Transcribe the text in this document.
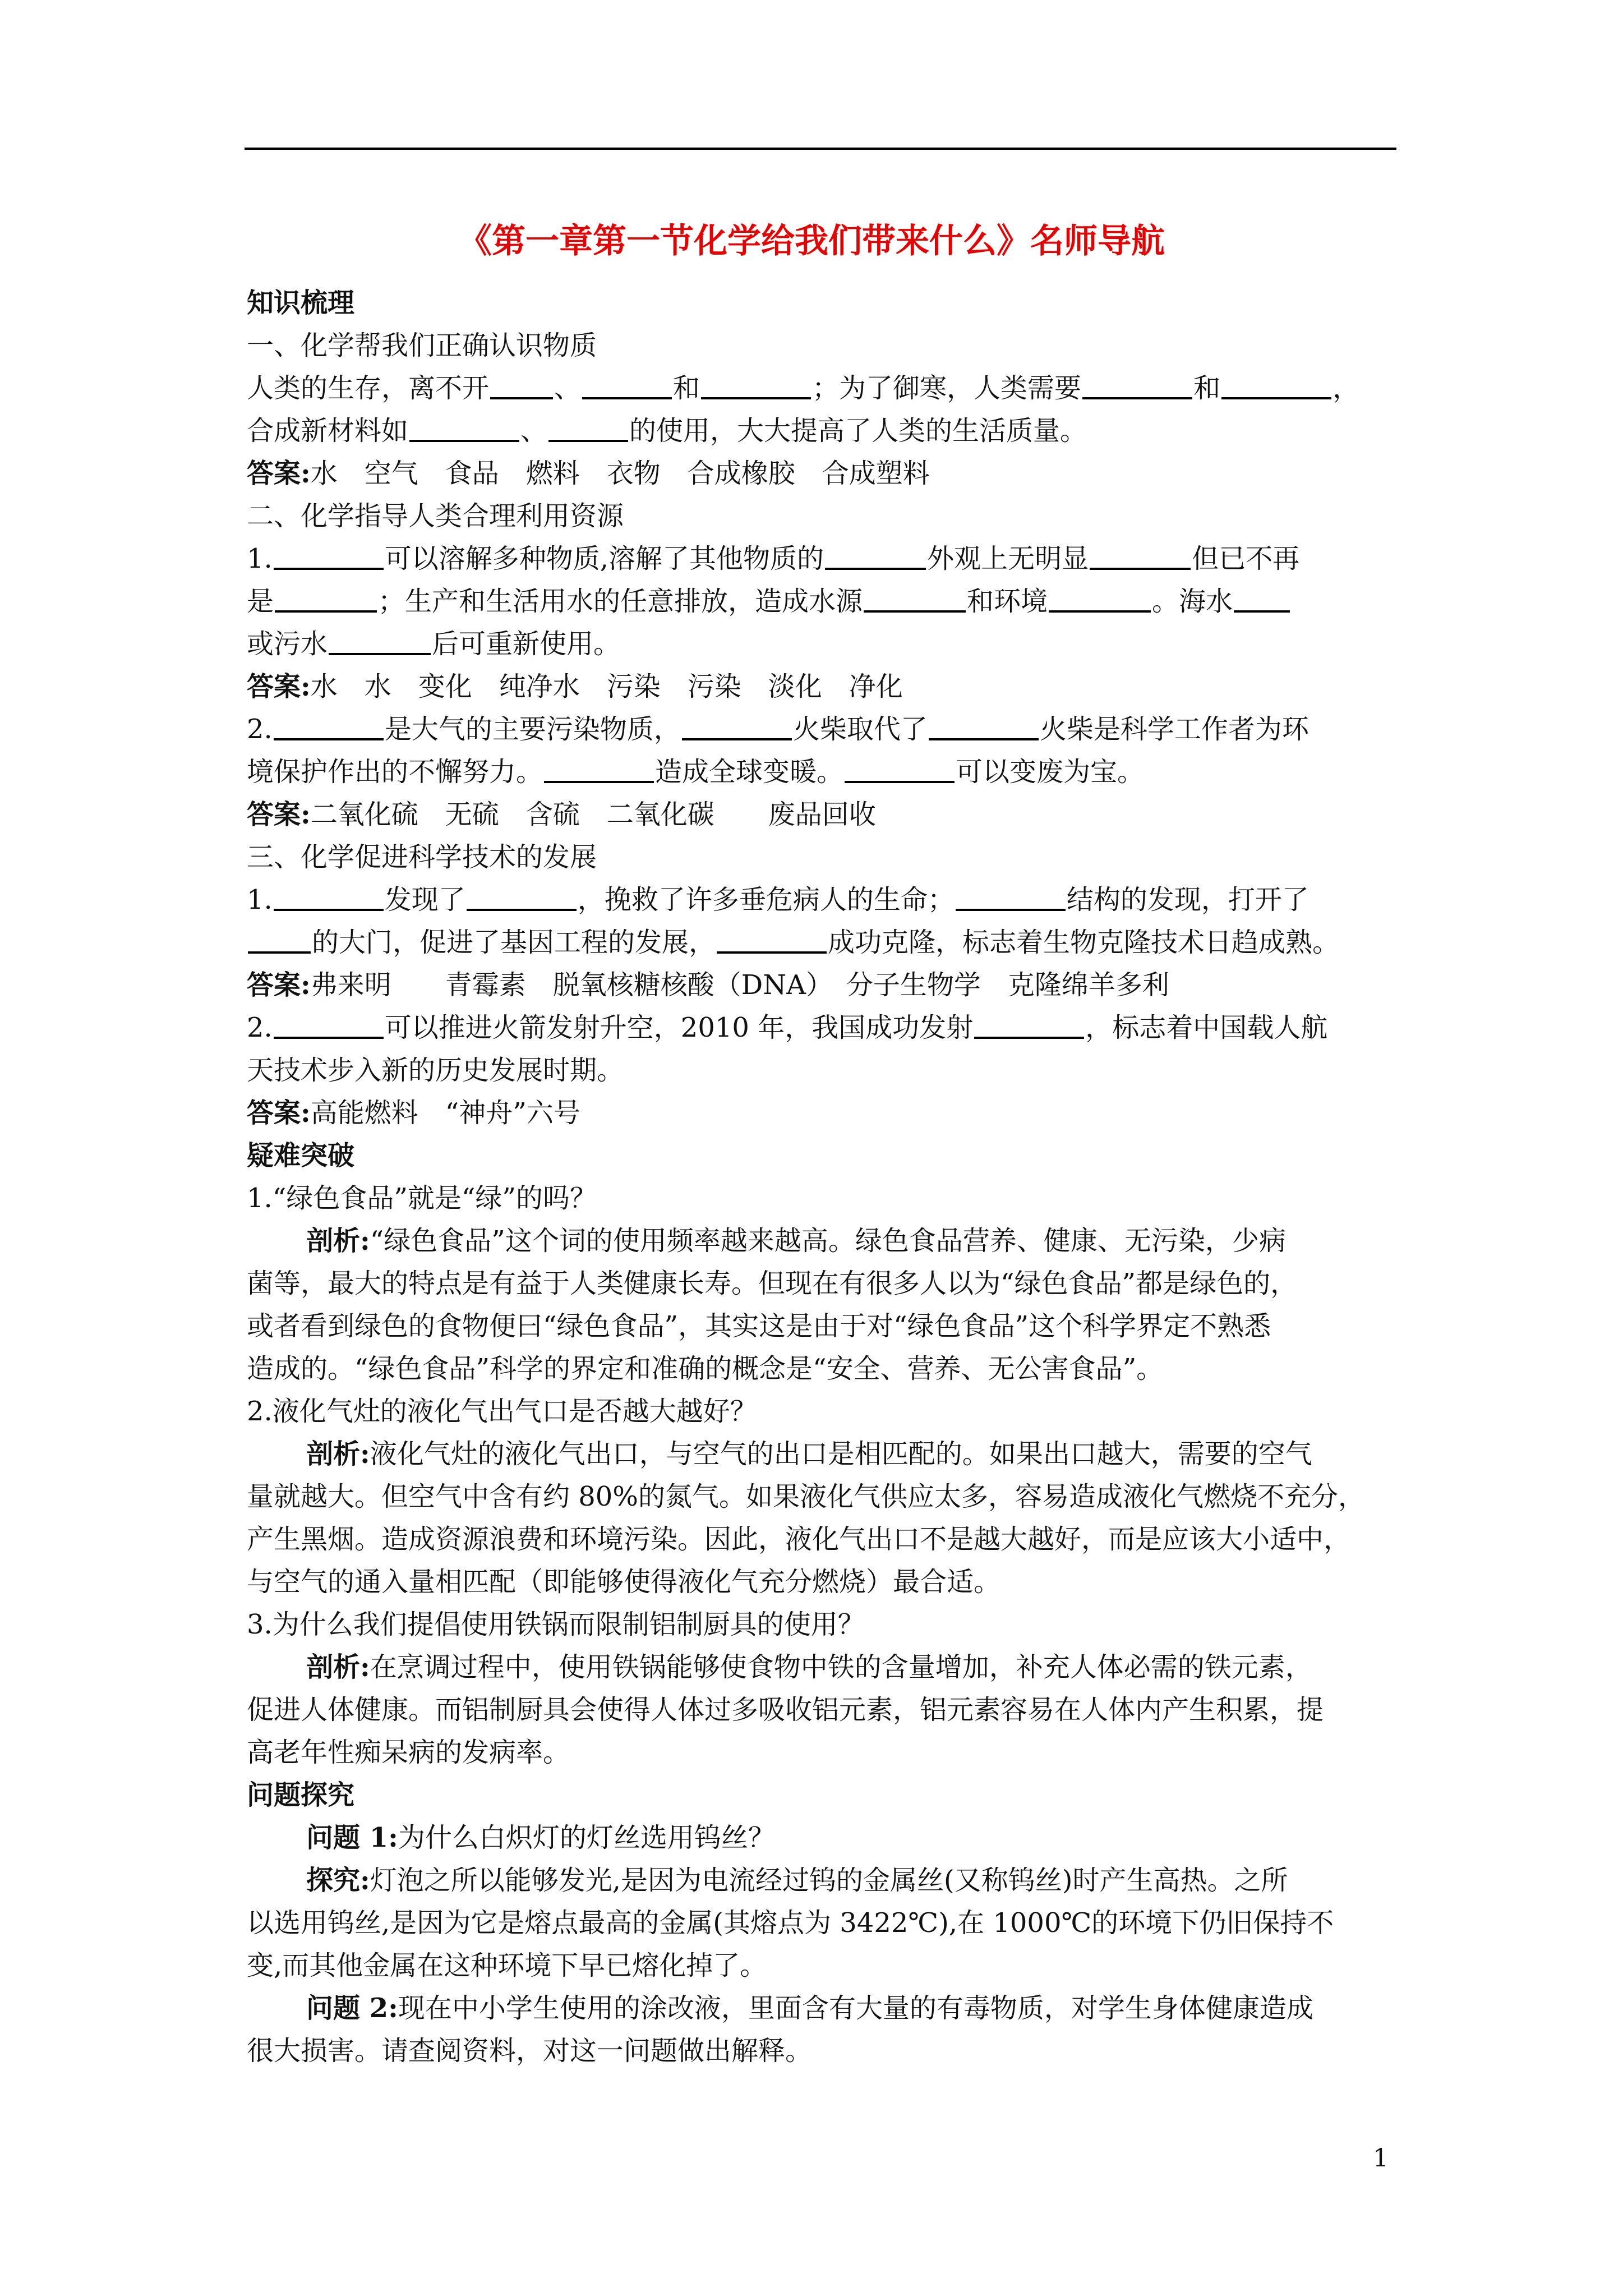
《第一章第一节化学给我们带来什么》名师导航
知识梳理
一、化学帮我们正确认识物质
人类的生存，离不开 、	和	；为了御寒，人类需要	和	，
合成新材料如	、	的使用，大大提高了人类的生活质量。
答案:水　空气　食品　燃料　衣物　合成橡胶　合成塑料
二、化学指导人类合理利用资源
1.	可以溶解多种物质,溶解了其他物质的	外观上无明显	但已不再
是	；生产和生活用水的任意排放，造成水源	和环境	。海水
或污水	后可重新使用。
答案:水　水　变化　纯净水　污染　污染　淡化　净化
2.	是大气的主要污染物质，	火柴取代了	火柴是科学工作者为环
境保护作出的不懈努力。	造成全球变暖。	可以变废为宝。
答案:二氧化硫　无硫　含硫　二氧化碳　　废品回收
三、化学促进科学技术的发展
1.	发现了	，挽救了许多垂危病人的生命；	结构的发现，打开了
的大门，促进了基因工程的发展，	成功克隆，标志着生物克隆技术日趋成熟。
答案:弗来明　　青霉素　脱氧核糖核酸（DNA）　分子生物学　克隆绵羊多利
2.	可以推进火箭发射升空，2010 年，我国成功发射	，标志着中国载人航
天技术步入新的历史发展时期。
答案:高能燃料　“神舟”六号
疑难突破
1.“绿色食品”就是“绿”的吗？
剖析:“绿色食品”这个词的使用频率越来越高。绿色食品营养、健康、无污染，少病
菌等，最大的特点是有益于人类健康长寿。但现在有很多人以为“绿色食品”都是绿色的，
或者看到绿色的食物便曰“绿色食品”，其实这是由于对“绿色食品”这个科学界定不熟悉
造成的。“绿色食品”科学的界定和准确的概念是“安全、营养、无公害食品”。
2.液化气灶的液化气出气口是否越大越好？
剖析:液化气灶的液化气出口，与空气的出口是相匹配的。如果出口越大，需要的空气
量就越大。但空气中含有约 80%的氮气。如果液化气供应太多，容易造成液化气燃烧不充分，
产生黑烟。造成资源浪费和环境污染。因此，液化气出口不是越大越好，而是应该大小适中，
与空气的通入量相匹配（即能够使得液化气充分燃烧）最合适。
3.为什么我们提倡使用铁锅而限制铝制厨具的使用？
剖析:在烹调过程中，使用铁锅能够使食物中铁的含量增加，补充人体必需的铁元素，
促进人体健康。而铝制厨具会使得人体过多吸收铝元素，铝元素容易在人体内产生积累，提
高老年性痴呆病的发病率。
问题探究
问题 1:为什么白炽灯的灯丝选用钨丝？
探究:灯泡之所以能够发光,是因为电流经过钨的金属丝(又称钨丝)时产生高热。之所
以选用钨丝,是因为它是熔点最高的金属(其熔点为 3422℃),在 1000℃的环境下仍旧保持不
变,而其他金属在这种环境下早已熔化掉了。
问题 2:现在中小学生使用的涂改液，里面含有大量的有毒物质，对学生身体健康造成
很大损害。请查阅资料，对这一问题做出解释。
1
